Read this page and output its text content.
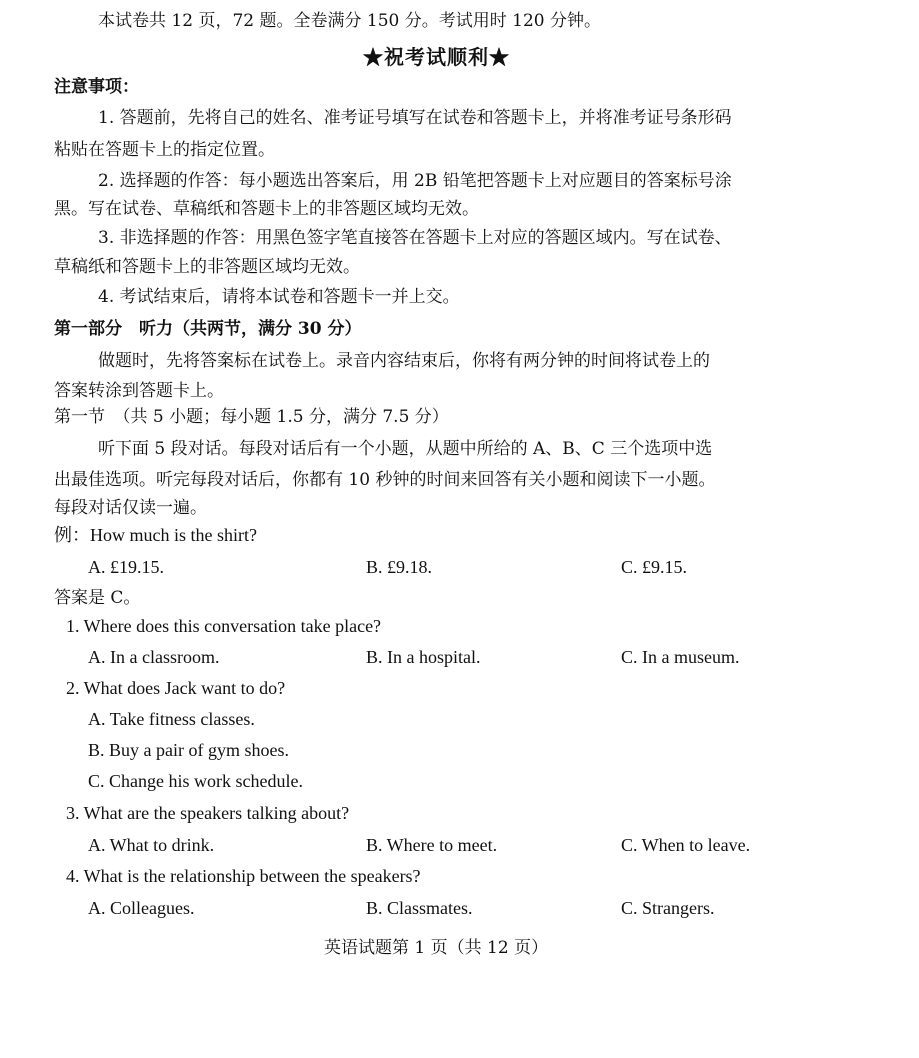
本试卷共 12 页，72 题。全卷满分 150 分。考试用时 120 分钟。
★祝考试顺利★
注意事项：
1. 答题前，先将自己的姓名、准考证号填写在试卷和答题卡上，并将准考证号条形码
粘贴在答题卡上的指定位置。
2. 选择题的作答：每小题选出答案后，用 2B 铅笔把答题卡上对应题目的答案标号涂
黑。写在试卷、草稿纸和答题卡上的非答题区域均无效。
3. 非选择题的作答：用黑色签字笔直接答在答题卡上对应的答题区域内。写在试卷、
草稿纸和答题卡上的非答题区域均无效。
4. 考试结束后，请将本试卷和答题卡一并上交。
第一部分　听力（共两节，满分 30 分）
做题时，先将答案标在试卷上。录音内容结束后，你将有两分钟的时间将试卷上的
答案转涂到答题卡上。
第一节　（共 5 小题；每小题 1.5 分，满分 7.5 分）
听下面 5 段对话。每段对话后有一个小题，从题中所给的 A、B、C 三个选项中选
出最佳选项。听完每段对话后，你都有 10 秒钟的时间来回答有关小题和阅读下一小题。
每段对话仅读一遍。
例：How much is the shirt?
A. £19.15.	B. £9.18.	C. £9.15.
答案是 C。
1. Where does this conversation take place?
A. In a classroom.	B. In a hospital.	C. In a museum.
2. What does Jack want to do?
A. Take fitness classes.
B. Buy a pair of gym shoes.
C. Change his work schedule.
3. What are the speakers talking about?
A. What to drink.	B. Where to meet.	C. When to leave.
4. What is the relationship between the speakers?
A. Colleagues.	B. Classmates.	C. Strangers.
英语试题第 1 页（共 12 页）
